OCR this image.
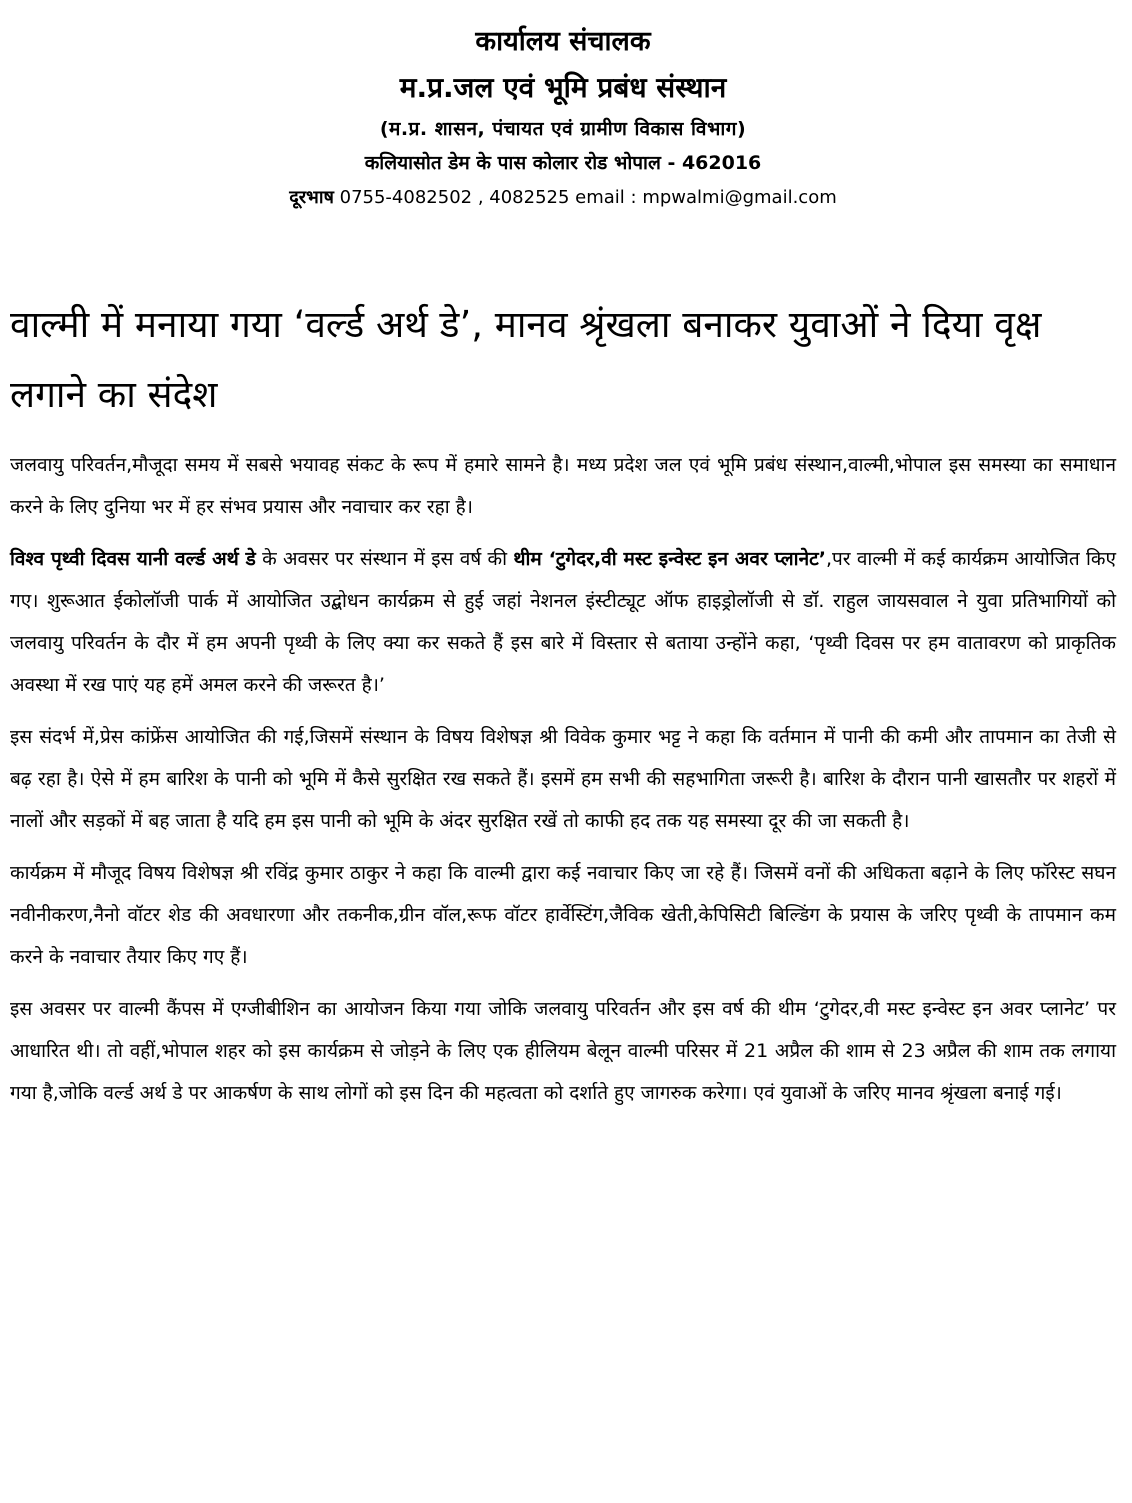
कार्यालय संचालक
म.प्र.जल एवं भूमि प्रबंध संस्थान
(म.प्र. शासन, पंचायत एवं ग्रामीण विकास विभाग)
कलियासोत डेम के पास कोलार रोड भोपाल - 462016
दूरभाष 0755-4082502 , 4082525 email : mpwalmi@gmail.com
वाल्मी में मनाया गया ‘वर्ल्ड अर्थ डे’, मानव श्रृंखला बनाकर युवाओं ने दिया वृक्ष लगाने का संदेश

जलवायु परिवर्तन,मौजूदा समय में सबसे भयावह संकट के रूप में हमारे सामने है। मध्य प्रदेश जल एवं भूमि प्रबंध संस्थान,वाल्मी,भोपाल इस समस्या का समाधान करने के लिए दुनिया भर में हर संभव प्रयास और नवाचार कर रहा है।

विश्व पृथ्वी दिवस यानी वर्ल्ड अर्थ डे के अवसर पर संस्थान में इस वर्ष की थीम ‘टुगेदर,वी मस्ट इन्वेस्ट इन अवर प्लानेट’,पर वाल्मी में कई कार्यक्रम आयोजित किए गए। शुरूआत ईकोलॉजी पार्क में आयोजित उद्बोधन कार्यक्रम से हुई जहां नेशनल इंस्टीट्यूट ऑफ हाइड्रोलॉजी से डॉ. राहुल जायसवाल ने युवा प्रतिभागियों को जलवायु परिवर्तन के दौर में हम अपनी पृथ्वी के लिए क्या कर सकते हैं इस बारे में विस्तार से बताया उन्होंने कहा, ‘पृथ्वी दिवस पर हम वातावरण को प्राकृतिक अवस्था में रख पाएं यह हमें अमल करने की जरूरत है।’

इस संदर्भ में,प्रेस कांफ्रेंस आयोजित की गई,जिसमें संस्थान के विषय विशेषज्ञ श्री विवेक कुमार भट्ट ने कहा कि वर्तमान में पानी की कमी और तापमान का तेजी से बढ़ रहा है। ऐसे में हम बारिश के पानी को भूमि में कैसे सुरक्षित रख सकते हैं। इसमें हम सभी की सहभागिता जरूरी है। बारिश के दौरान पानी खासतौर पर शहरों में नालों और सड़कों में बह जाता है यदि हम इस पानी को भूमि के अंदर सुरक्षित रखें तो काफी हद तक यह समस्या दूर की जा सकती है।

कार्यक्रम में मौजूद विषय विशेषज्ञ श्री रविंद्र कुमार ठाकुर ने कहा कि वाल्मी द्वारा कई नवाचार किए जा रहे हैं। जिसमें वनों की अधिकता बढ़ाने के लिए फॉरेस्ट सघन नवीनीकरण,नैनो वॉटर शेड की अवधारणा और तकनीक,ग्रीन वॉल,रूफ वॉटर हार्वेस्टिंग,जैविक खेती,केपिसिटी बिल्डिंग के प्रयास के जरिए पृथ्वी के तापमान कम करने के नवाचार तैयार किए गए हैं।

इस अवसर पर वाल्मी कैंपस में एग्जीबीशिन का आयोजन किया गया जोकि जलवायु परिवर्तन और इस वर्ष की थीम ‘टुगेदर,वी मस्ट इन्वेस्ट इन अवर प्लानेट’ पर आधारित थी। तो वहीं,भोपाल शहर को इस कार्यक्रम से जोड़ने के लिए एक हीलियम बेलून वाल्मी परिसर में 21 अप्रैल की शाम से 23 अप्रैल की शाम तक लगाया गया है,जोकि वर्ल्ड अर्थ डे पर आकर्षण के साथ लोगों को इस दिन की महत्वता को दर्शाते हुए जागरुक करेगा। एवं युवाओं के जरिए मानव श्रृंखला बनाई गई।
